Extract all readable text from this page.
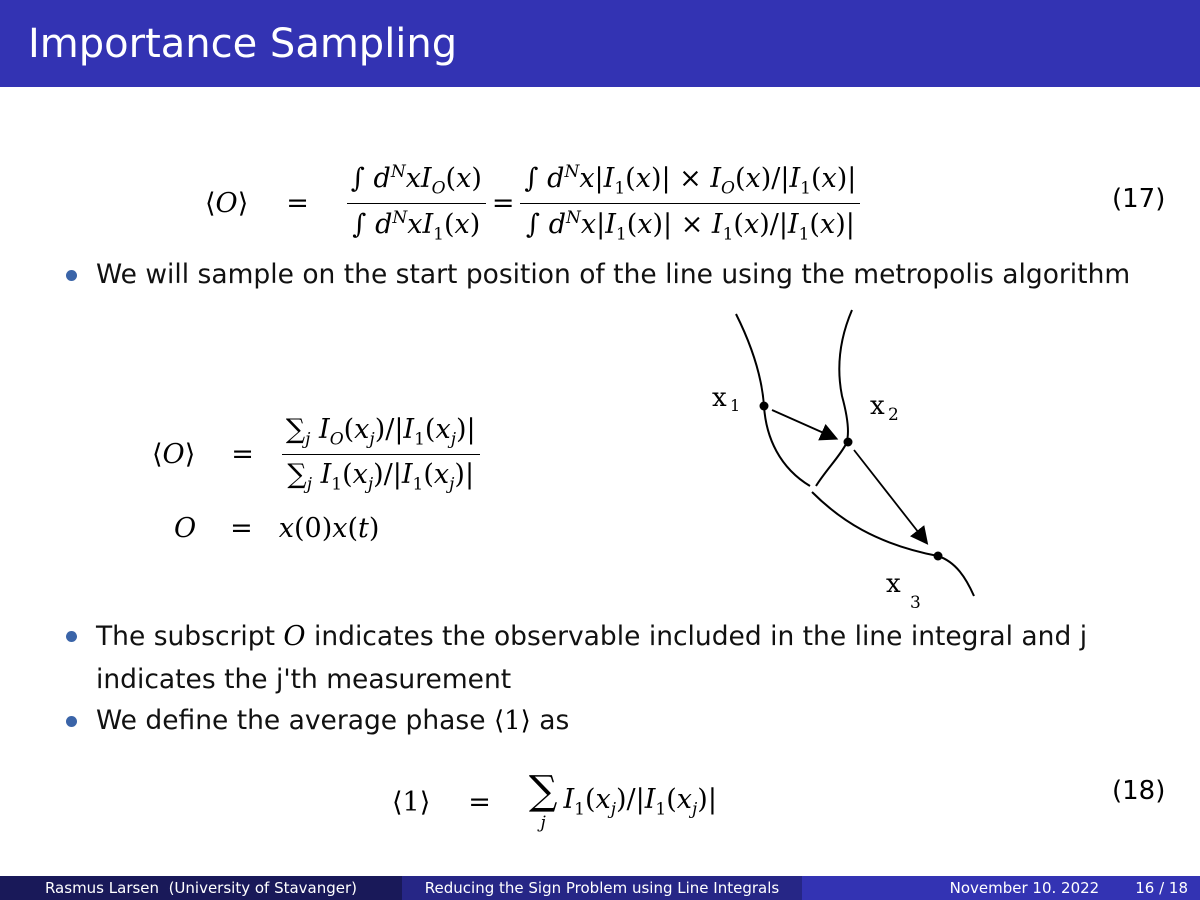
Importance Sampling
⟨O⟩ = $\frac{\int d^NxI_O(x)}{\int d^NxI_1(x)} = \frac{\int d^Nx|I_1(x)| \times I_O(x)/|I_1(x)|}{\int d^Nx|I_1(x)| \times I_1(x)/|I_1(x)|}$	(17)
We will sample on the start position of the line using the metropolis algorithm
⟨O⟩ = $\frac{\sum_j I_O(x_j)/|I_1(x_j)|}{\sum_j I_1(x_j)/|I_1(x_j)|}$
O = x(0)x(t)
x 1	x 2
x
3
The subscript O indicates the observable included in the line integral and j
indicates the j'th measurement
We define the average phase ⟨1⟩ as
⟨1⟩ = ∑
j
$I_1(x_j)/|I_1(x_j)|$	(18)
Rasmus Larsen  (University of Stavanger)	Reducing the Sign Problem using Line Integrals	November 10. 2022 16 / 18
